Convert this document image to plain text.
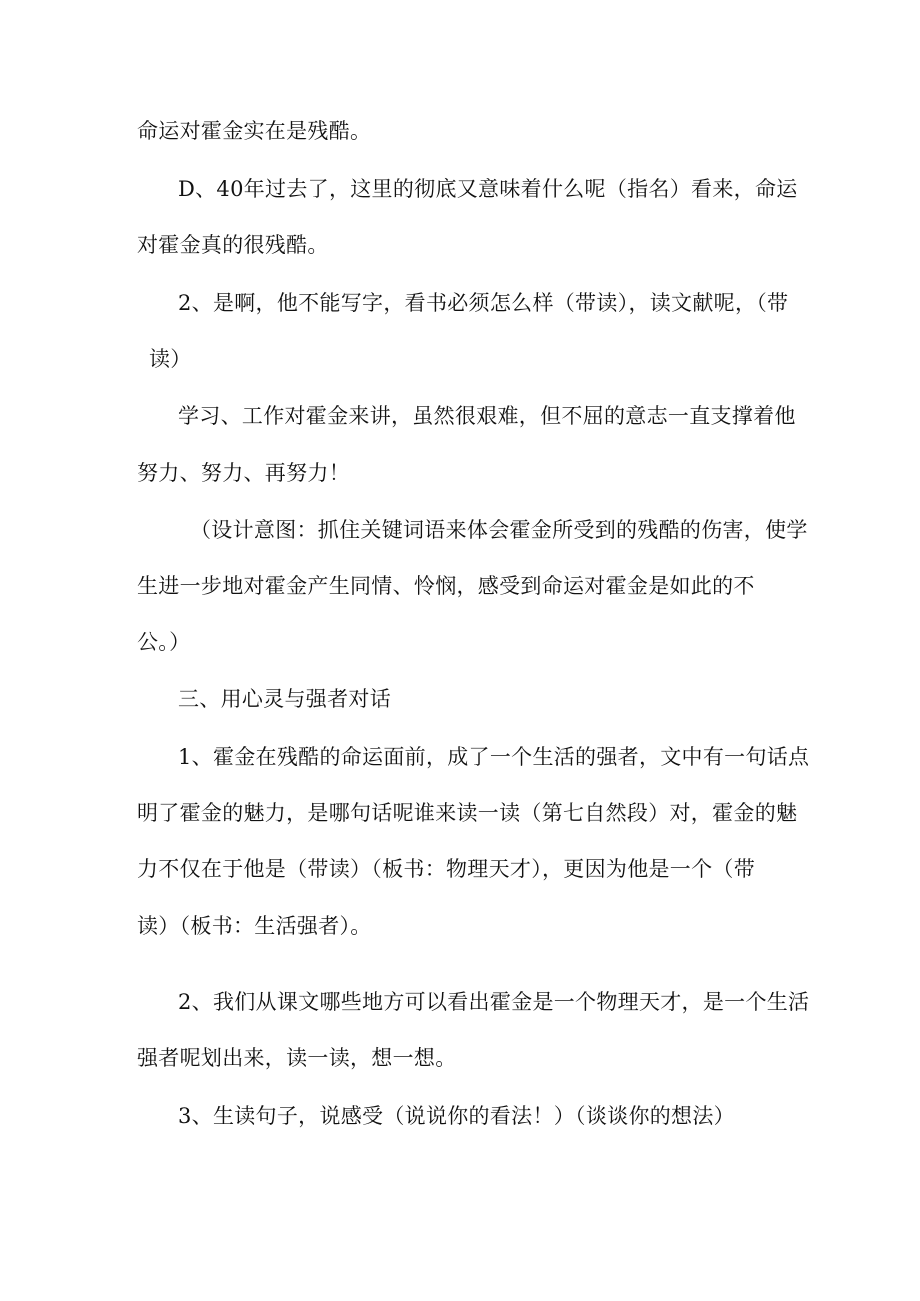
命运对霍金实在是残酷。
D、40年过去了，这里的彻底又意味着什么呢（指名）看来，命运
对霍金真的很残酷。
2、是啊，他不能写字，看书必须怎么样（带读），读文献呢，（带
读）
学习、工作对霍金来讲，虽然很艰难，但不屈的意志一直支撑着他
努力、努力、再努力！
（设计意图：抓住关键词语来体会霍金所受到的残酷的伤害，使学
生进一步地对霍金产生同情、怜悯，感受到命运对霍金是如此的不
公。）
三、用心灵与强者对话
1、霍金在残酷的命运面前，成了一个生活的强者，文中有一句话点
明了霍金的魅力，是哪句话呢谁来读一读（第七自然段）对，霍金的魅
力不仅在于他是（带读）（板书：物理天才），更因为他是一个（带
读）（板书：生活强者）。
2、我们从课文哪些地方可以看出霍金是一个物理天才，是一个生活
强者呢划出来，读一读，想一想。
3、生读句子，说感受（说说你的看法！）（谈谈你的想法）
